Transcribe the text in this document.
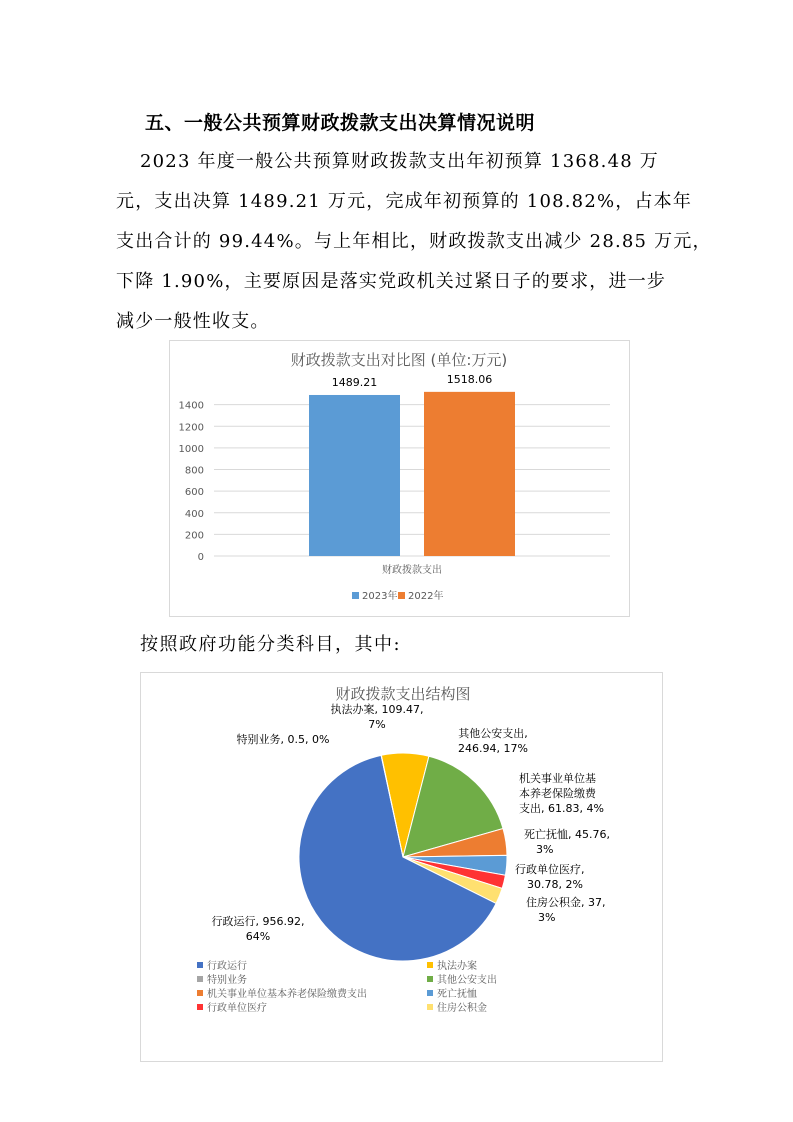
五、一般公共预算财政拨款支出决算情况说明

2023 年度一般公共预算财政拨款支出年初预算 1368.48 万
元，支出决算 1489.21 万元，完成年初预算的 108.82%，占本年
支出合计的 99.44%。与上年相比，财政拨款支出减少 28.85 万元，
下降 1.90%，主要原因是落实党政机关过紧日子的要求，进一步
减少一般性收支。

财政拨款支出对比图 (单位:万元)
0
200
400
600
800
1000
1200
1400
1489.21	1518.06
财政拨款支出
2023年 2022年
按照政府功能分类科目，其中:
财政拨款支出结构图
行政运行, 956.92,
64%
特别业务, 0.5, 0%
执法办案, 109.47,
7%
其他公安支出,
246.94, 17%
机关事业单位基
本养老保险缴费
支出, 61.83, 4%
死亡抚恤, 45.76,
3%
行政单位医疗,
30.78, 2%
住房公积金, 37,
3%
行政运行	执法办案
特别业务	其他公安支出
机关事业单位基本养老保险缴费支出	死亡抚恤
行政单位医疗	住房公积金
